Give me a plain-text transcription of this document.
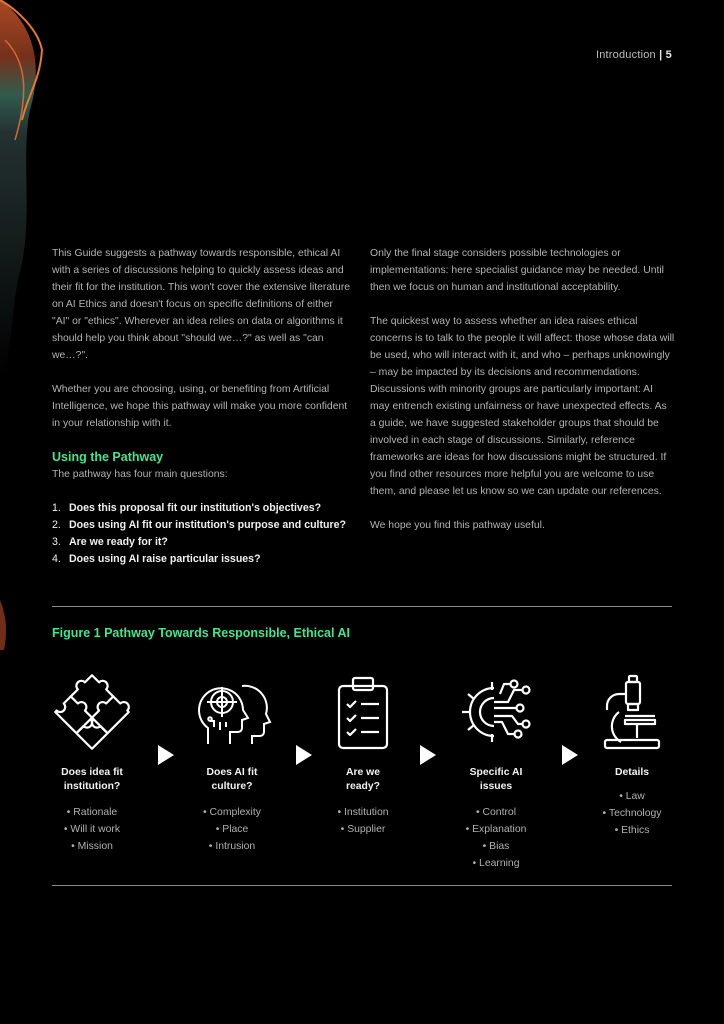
Introduction | 5

This Guide suggests a pathway towards responsible, ethical AI with a series of discussions helping to quickly assess ideas and their fit for the institution. This won't cover the extensive literature on AI Ethics and doesn't focus on specific definitions of either "AI" or "ethics". Wherever an idea relies on data or algorithms it should help you think about "should we…?" as well as "can we…?".

Whether you are choosing, using, or benefiting from Artificial Intelligence, we hope this pathway will make you more confident in your relationship with it.

Using the Pathway
The pathway has four main questions:
1. Does this proposal fit our institution's objectives?
2. Does using AI fit our institution's purpose and culture?
3. Are we ready for it?
4. Does using AI raise particular issues?

Only the final stage considers possible technologies or implementations: here specialist guidance may be needed. Until then we focus on human and institutional acceptability.

The quickest way to assess whether an idea raises ethical concerns is to talk to the people it will affect: those whose data will be used, who will interact with it, and who – perhaps unknowingly – may be impacted by its decisions and recommendations. Discussions with minority groups are particularly important: AI may entrench existing unfairness or have unexpected effects. As a guide, we have suggested stakeholder groups that should be involved in each stage of discussions. Similarly, reference frameworks are ideas for how discussions might be structured. If you find other resources more helpful you are welcome to use them, and please let us know so we can update our references.

We hope you find this pathway useful.

Figure 1 Pathway Towards Responsible, Ethical AI
Does idea fit
institution?
• Rationale
• Will it work
• Mission
Does AI fit
culture?
• Complexity
• Place
• Intrusion
Are we
ready?
• Institution
• Supplier
Specific AI
issues
• Control
• Explanation
• Bias
• Learning
Details
• Law
• Technology
• Ethics
